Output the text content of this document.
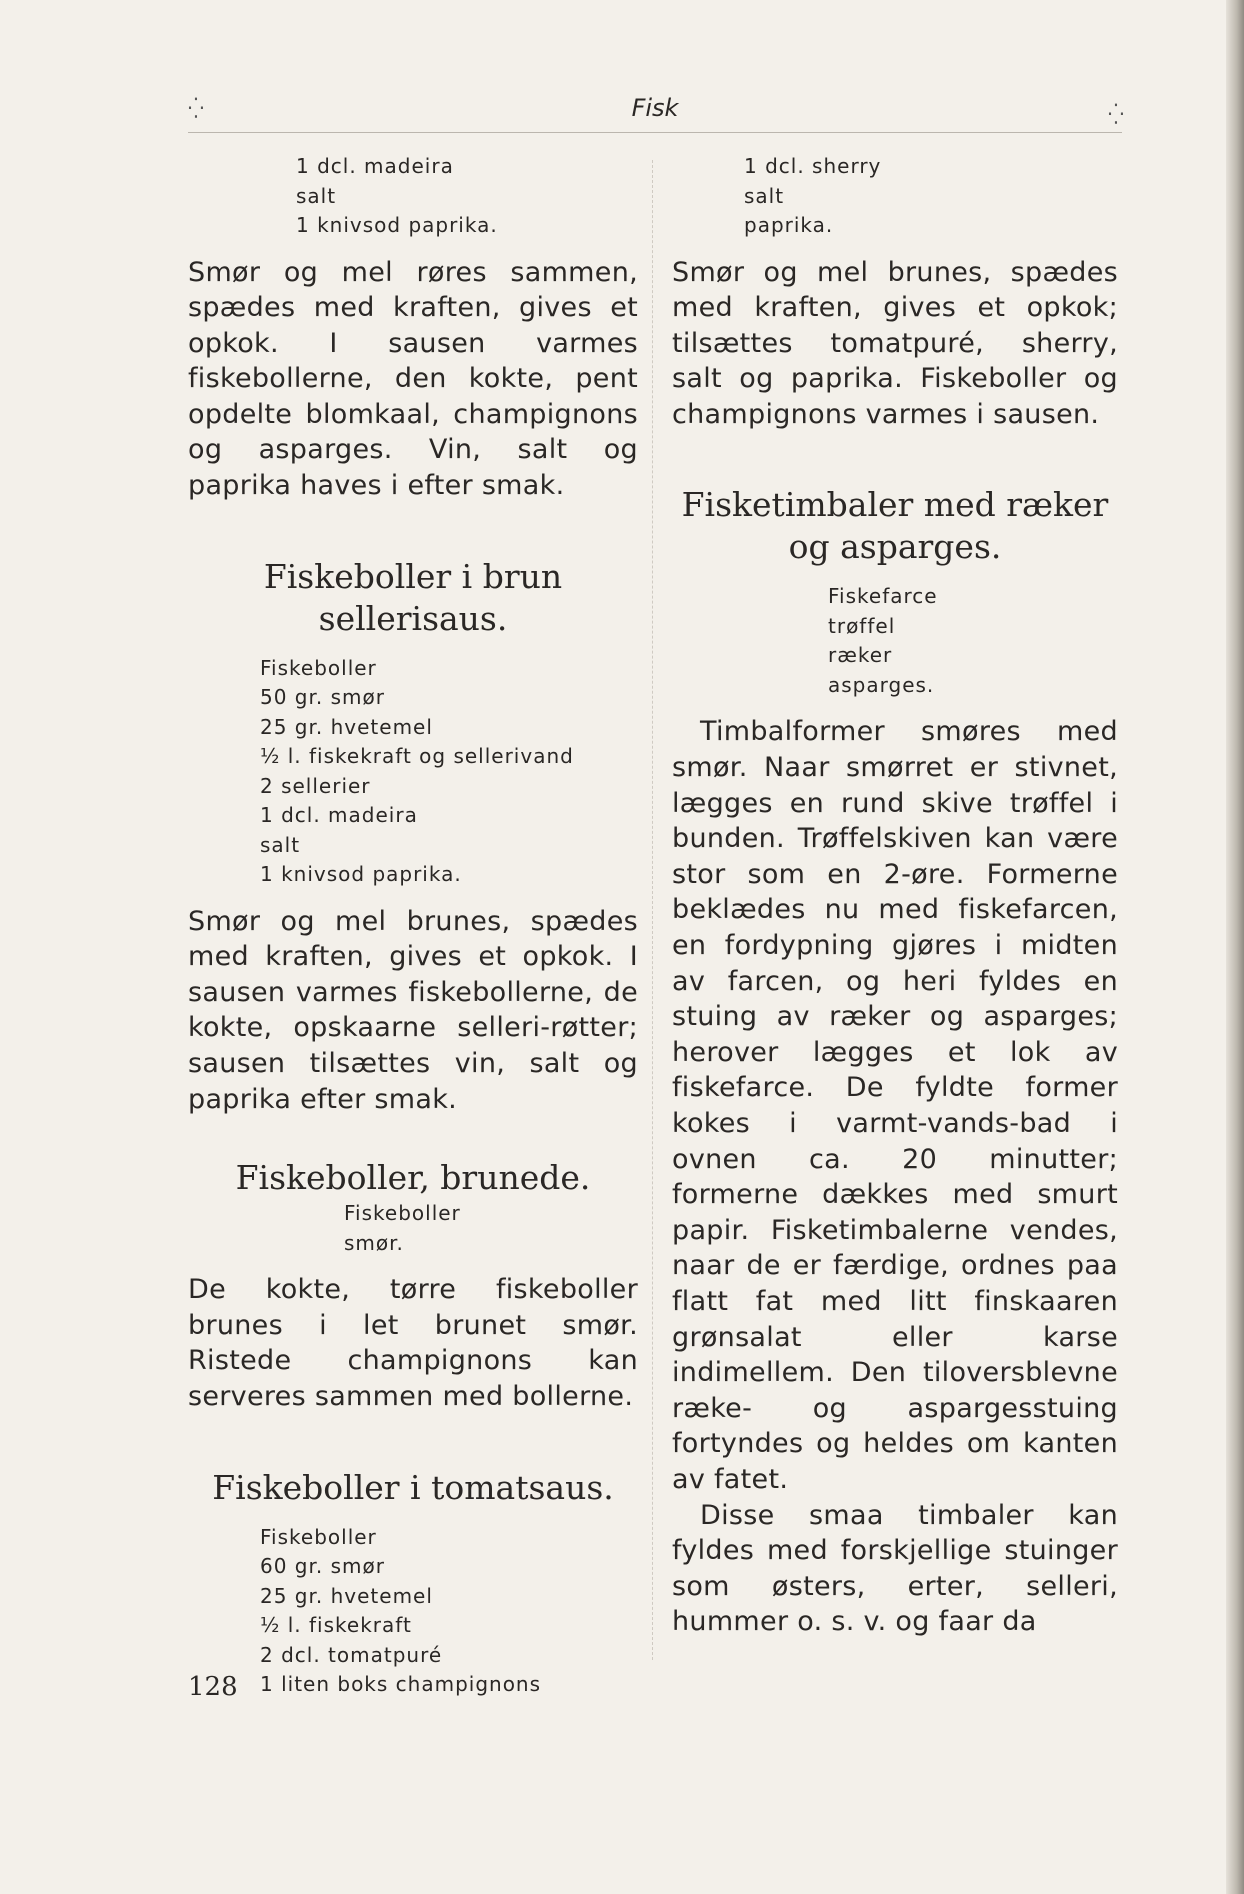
⁛	Fisk	⁛
1 dcl. madeira
salt
1 knivsod paprika.

Smør og mel røres sammen, spædes med kraften, gives et opkok. I sausen varmes fiskebollerne, den kokte, pent opdelte blomkaal, champignons og asparges. Vin, salt og paprika haves i efter smak.

Fiskeboller i brun sellerisaus.
Fiskeboller
50 gr. smør
25 gr. hvetemel
½ l. fiskekraft og sellerivand
2 sellerier
1 dcl. madeira
salt
1 knivsod paprika.

Smør og mel brunes, spædes med kraften, gives et opkok. I sausen varmes fiskebollerne, de kokte, opskaarne selleri-røtter; sausen tilsættes vin, salt og paprika efter smak.

Fiskeboller, brunede.
Fiskeboller
smør.

De kokte, tørre fiskeboller brunes i let brunet smør. Ristede champignons kan serveres sammen med bollerne.

Fiskeboller i tomatsaus.
Fiskeboller
60 gr. smør
25 gr. hvetemel
½ l. fiskekraft
2 dcl. tomatpuré
1 liten boks champignons
1 dcl. sherry
salt
paprika.

Smør og mel brunes, spædes med kraften, gives et opkok; tilsættes tomatpuré, sherry, salt og paprika. Fiskeboller og champignons varmes i sausen.

Fisketimbaler med ræker og asparges.
Fiskefarce
trøffel
ræker
asparges.

Timbalformer smøres med smør. Naar smørret er stivnet, lægges en rund skive trøffel i bunden. Trøffelskiven kan være stor som en 2-øre. Formerne beklædes nu med fiskefarcen, en fordypning gjøres i midten av farcen, og heri fyldes en stuing av ræker og asparges; herover lægges et lok av fiskefarce. De fyldte former kokes i varmt-vands-bad i ovnen ca. 20 minutter; formerne dækkes med smurt papir. Fisketimbalerne vendes, naar de er færdige, ordnes paa flatt fat med litt finskaaren grønsalat eller karse indimellem. Den tiloversblevne ræke- og aspargesstuing fortyndes og heldes om kanten av fatet.

Disse smaa timbaler kan fyldes med forskjellige stuinger som østers, erter, selleri, hummer o. s. v. og faar da

128
